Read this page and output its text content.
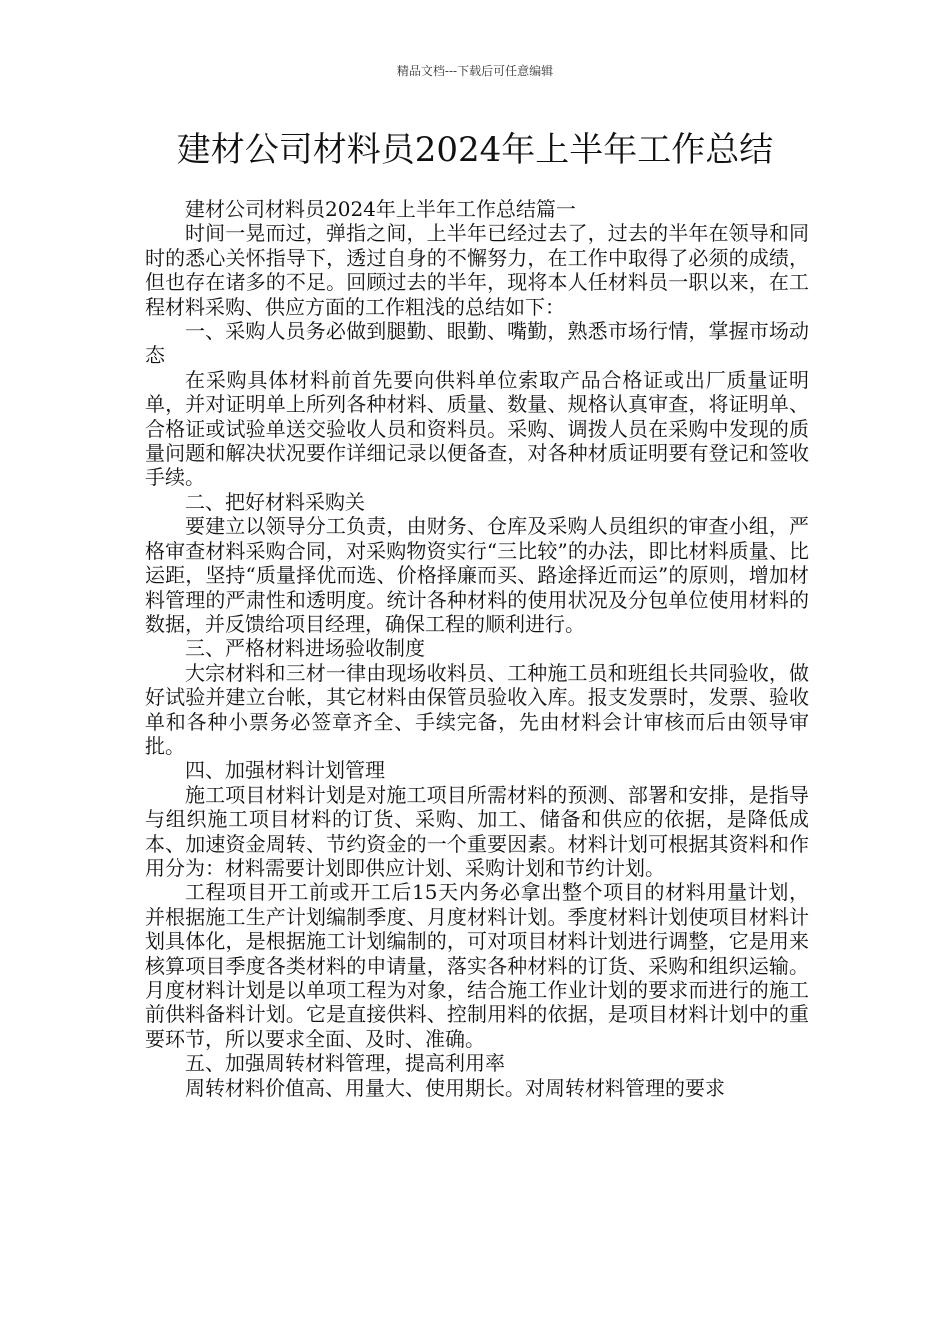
精品文档---下载后可任意编辑
建材公司材料员2024年上半年工作总结

建材公司材料员2024年上半年工作总结篇一

时间一晃而过，弹指之间，上半年已经过去了，过去的半年在领导和同时的悉心关怀指导下，透过自身的不懈努力，在工作中取得了必须的成绩，但也存在诸多的不足。回顾过去的半年，现将本人任材料员一职以来，在工程材料采购、供应方面的工作粗浅的总结如下：

一、采购人员务必做到腿勤、眼勤、嘴勤，熟悉市场行情，掌握市场动态

在采购具体材料前首先要向供料单位索取产品合格证或出厂质量证明单，并对证明单上所列各种材料、质量、数量、规格认真审查，将证明单、合格证或试验单送交验收人员和资料员。采购、调拨人员在采购中发现的质量问题和解决状况要作详细记录以便备查，对各种材质证明要有登记和签收手续。

二、把好材料采购关

要建立以领导分工负责，由财务、仓库及采购人员组织的审查小组，严格审查材料采购合同，对采购物资实行“三比较”的办法，即比材料质量、比运距，坚持“质量择优而选、价格择廉而买、路途择近而运”的原则，增加材料管理的严肃性和透明度。统计各种材料的使用状况及分包单位使用材料的数据，并反馈给项目经理，确保工程的顺利进行。

三、严格材料进场验收制度

大宗材料和三材一律由现场收料员、工种施工员和班组长共同验收，做好试验并建立台帐，其它材料由保管员验收入库。报支发票时，发票、验收单和各种小票务必签章齐全、手续完备，先由材料会计审核而后由领导审批。

四、加强材料计划管理

施工项目材料计划是对施工项目所需材料的预测、部署和安排，是指导与组织施工项目材料的订货、采购、加工、储备和供应的依据，是降低成本、加速资金周转、节约资金的一个重要因素。材料计划可根据其资料和作用分为：材料需要计划即供应计划、采购计划和节约计划。

工程项目开工前或开工后15天内务必拿出整个项目的材料用量计划，并根据施工生产计划编制季度、月度材料计划。季度材料计划使项目材料计划具体化，是根据施工计划编制的，可对项目材料计划进行调整，它是用来核算项目季度各类材料的申请量，落实各种材料的订货、采购和组织运输。月度材料计划是以单项工程为对象，结合施工作业计划的要求而进行的施工前供料备料计划。它是直接供料、控制用料的依据，是项目材料计划中的重要环节，所以要求全面、及时、准确。

五、加强周转材料管理，提高利用率

周转材料价值高、用量大、使用期长。对周转材料管理的要求
